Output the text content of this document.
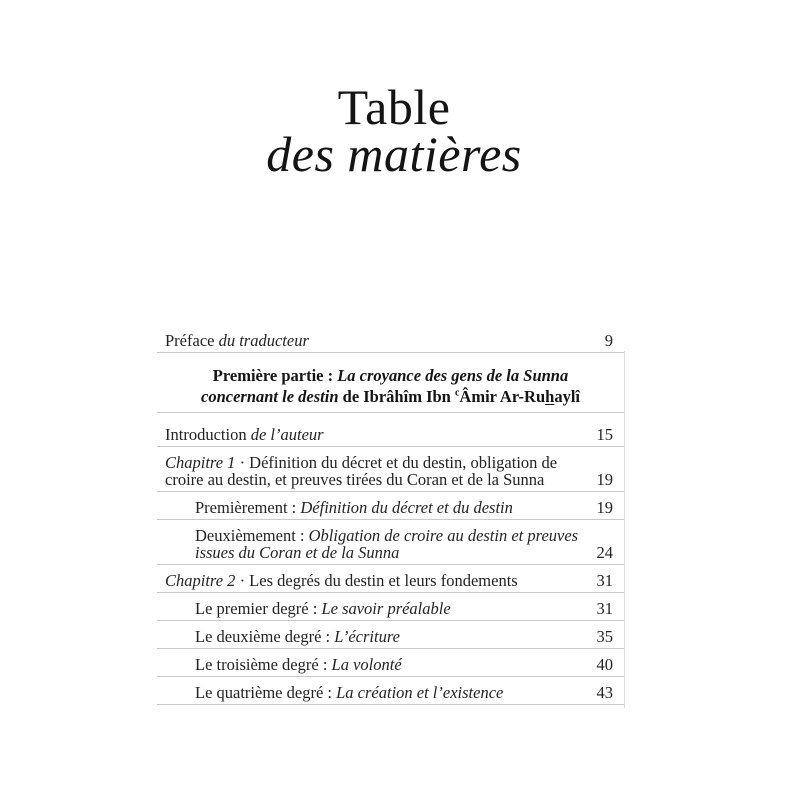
Table
des matières
Préface du traducteur	9
Première partie : La croyance des gens de la Sunna
concernant le destin de Ibrâhîm Ibn $^c$Âmir Ar-Ruhaylî
Introduction de l’auteur	15
Chapitre 1 · Définition du décret et du destin, obligation de croire au destin, et preuves tirées du Coran et de la Sunna	19
Premièrement : Définition du décret et du destin	19
Deuxièmement : Obligation de croire au destin et preuves issues du Coran et de la Sunna	24
Chapitre 2 · Les degrés du destin et leurs fondements	31
Le premier degré : Le savoir préalable	31
Le deuxième degré : L’écriture	35
Le troisième degré : La volonté	40
Le quatrième degré : La création et l’existence	43
